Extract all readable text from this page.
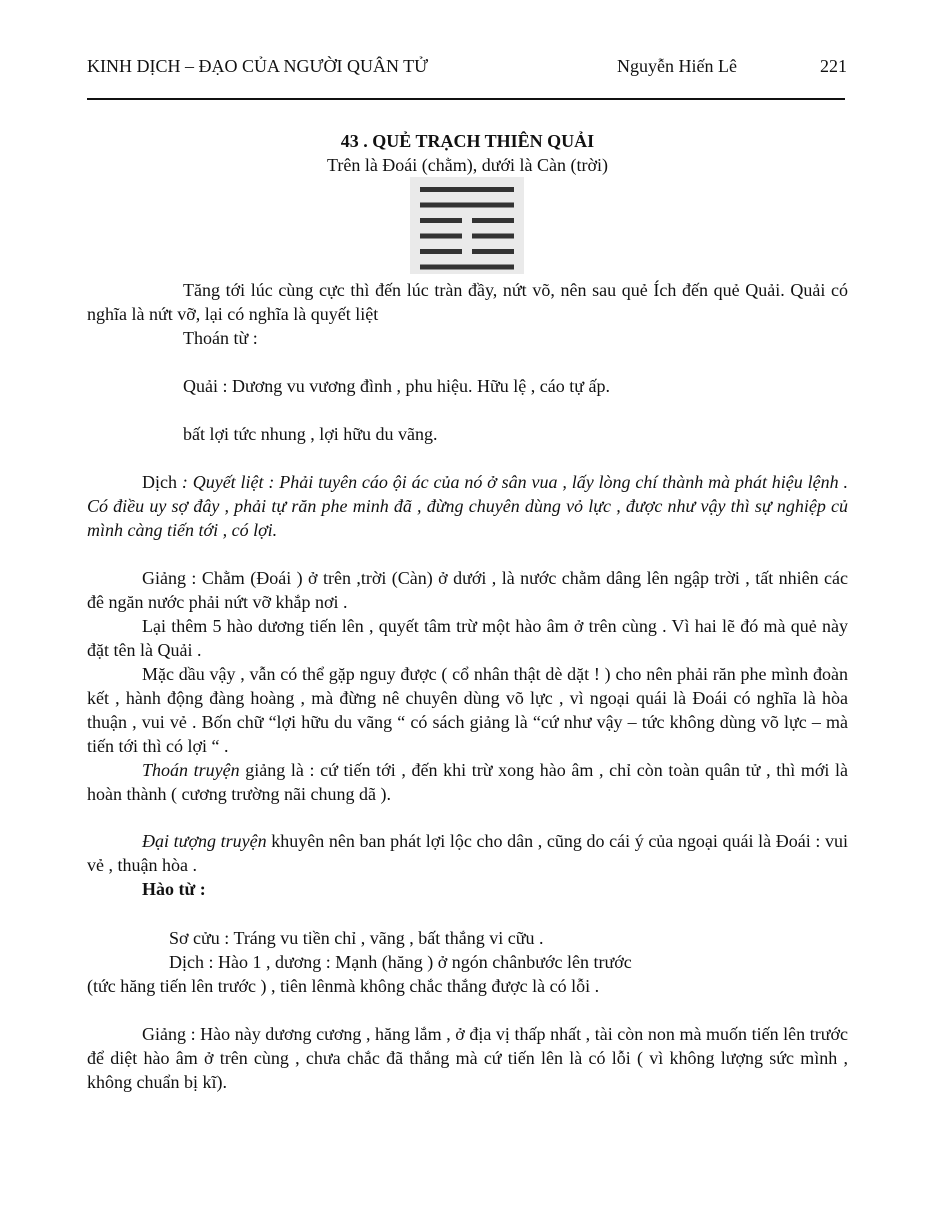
KINH DỊCH – ĐẠO CỦA NGƯỜI QUÂN TỬ	Nguyễn Hiến Lê	221
43 . QUẺ TRẠCH THIÊN QUẢI
Trên là Đoái (chằm), dưới là Càn (trời)

Tăng tới lúc cùng cực thì đến lúc tràn đầy, nứt võ, nên sau quẻ Ích đến quẻ Quải. Quải có nghĩa là nứt vỡ, lại có nghĩa là quyết liệt

Thoán từ :

Quải : Dương vu vương đình , phu hiệu. Hữu lệ , cáo tự ấp.
bất lợi tức nhung , lợi hữu du vãng.

Dịch : Quyết liệt : Phải tuyên cáo ội ác của nó ở sân vua , lấy lòng chí thành mà phát hiệu lệnh . Có điều uy sợ đây , phải tự răn phe minh đã , đừng chuyên dùng vỏ lực , được như vậy thì sự nghiệp củ mình càng tiến tới , có lợi.

Giảng : Chằm (Đoái ) ở trên ,trời (Càn) ở dưới , là nước chằm dâng lên ngập trời , tất nhiên các đê ngăn nước phải nứt vỡ khắp nơi .

Lại thêm 5 hào dương tiến lên , quyết tâm trừ một hào âm ở trên cùng . Vì hai lẽ đó mà quẻ này đặt tên là Quải .

Mặc dầu vậy , vẫn có thể gặp nguy được ( cổ nhân thật dè dặt ! ) cho nên phải răn phe mình đoàn kết , hành động đàng hoàng , mà đừng nê chuyên dùng võ lực , vì ngoại quái là Đoái có nghĩa là hòa thuận , vui vẻ . Bốn chữ “lợi hữu du vãng “ có sách giảng là “cứ như vậy – tức không dùng võ lực – mà tiến tới thì có lợi “ .

Thoán truyện giảng là : cứ tiến tới , đến khi trừ xong hào âm , chỉ còn toàn quân tử , thì mới là hoàn thành ( cương trường nãi chung dã ).

Đại tượng truyện khuyên nên ban phát lợi lộc cho dân , cũng do cái ý của ngoại quái là Đoái : vui vẻ , thuận hòa .

Hào từ :

Sơ cửu : Tráng vu tiền chỉ , vãng , bất thắng vi cữu .
Dịch : Hào 1 , dương : Mạnh (hăng ) ở ngón chânbước lên trước
(tức hăng tiến lên trước ) , tiên lênmà không chắc thắng được là có lỗi .

Giảng : Hào này dương cương , hăng lắm , ở địa vị thấp nhất , tài còn non mà muốn tiến lên trước để diệt hào âm ở trên cùng , chưa chắc đã thắng mà cứ tiến lên là có lỗi ( vì không lượng sức mình , không chuẩn bị kĩ).
